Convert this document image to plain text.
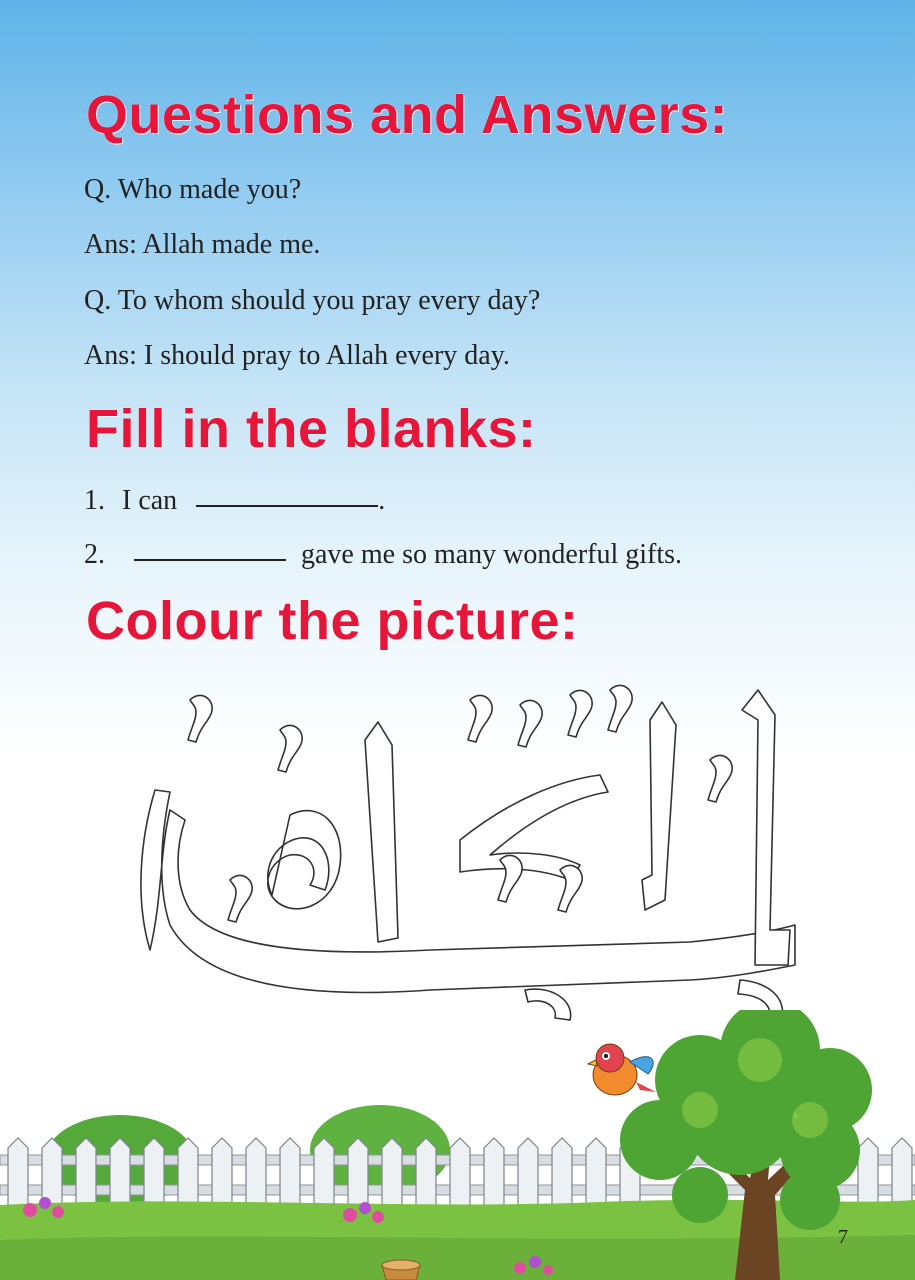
Questions and Answers:

Q. Who made you?

Ans: Allah made me.

Q. To whom should you pray every day?

Ans: I should pray to Allah every day.

Fill in the blanks:

1. I can	.

2.	gave me so many wonderful gifts.

Colour the picture:
7
